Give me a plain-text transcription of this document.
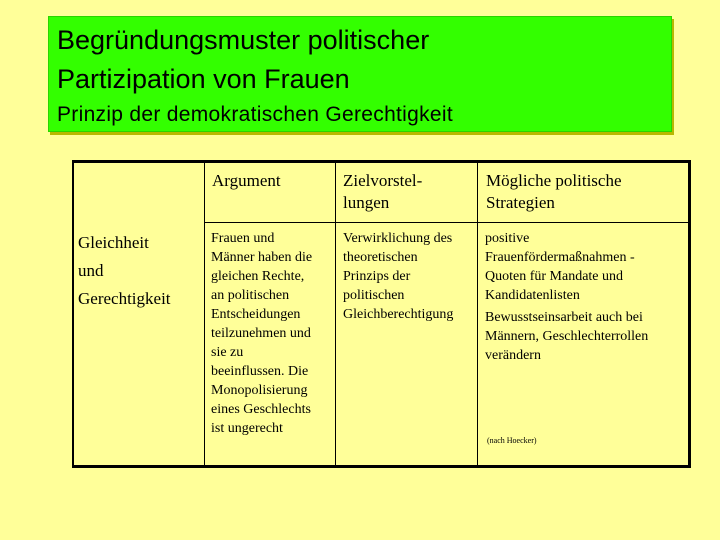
Begründungsmuster politischer
Partizipation von Frauen
Prinzip der demokratischen Gerechtigkeit
Argument	Zielvorstel-
lungen
Mögliche politische
Strategien
Gleichheit
und
Gerechtigkeit
Frauen und
Männer haben die
gleichen Rechte,
an politischen
Entscheidungen
teilzunehmen und
sie zu
beeinflussen. Die
Monopolisierung
eines Geschlechts
ist ungerecht
Verwirklichung des
theoretischen
Prinzips der
politischen
Gleichberechtigung
positive
Frauenfördermaßnahmen -
Quoten für Mandate und
Kandidatenlisten
Bewusstseinsarbeit auch bei
Männern, Geschlechterrollen
verändern
(nach Hoecker)
